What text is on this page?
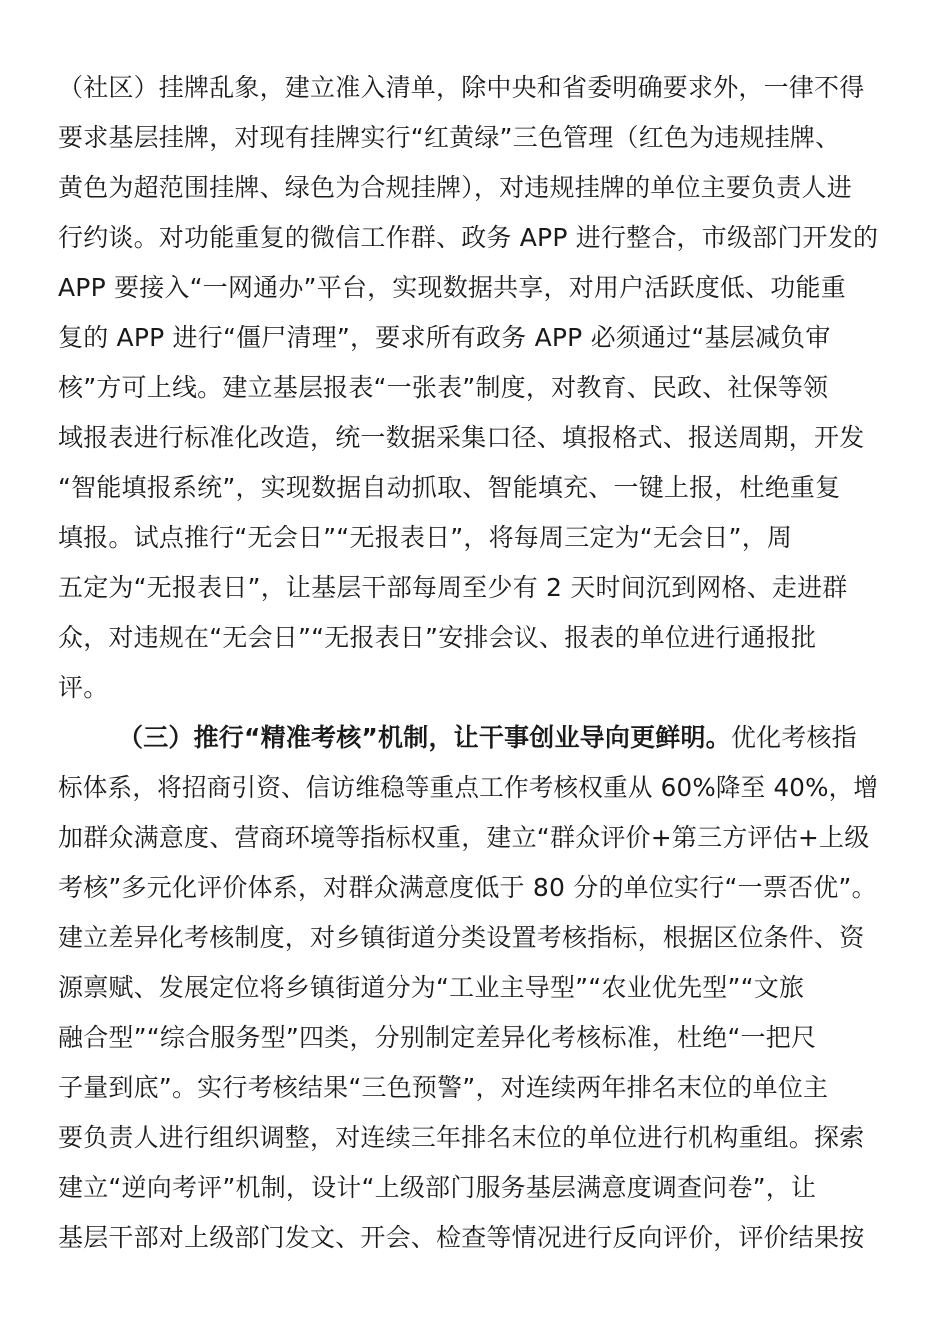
（社区）挂牌乱象，建立准入清单，除中央和省委明确要求外，一律不得
要求基层挂牌，对现有挂牌实行“红黄绿”三色管理（红色为违规挂牌、
黄色为超范围挂牌、绿色为合规挂牌），对违规挂牌的单位主要负责人进
行约谈。对功能重复的微信工作群、政务 APP 进行整合，市级部门开发的
APP 要接入“一网通办”平台，实现数据共享，对用户活跃度低、功能重
复的 APP 进行“僵尸清理”，要求所有政务 APP 必须通过“基层减负审
核”方可上线。建立基层报表“一张表”制度，对教育、民政、社保等领
域报表进行标准化改造，统一数据采集口径、填报格式、报送周期，开发
“智能填报系统”，实现数据自动抓取、智能填充、一键上报，杜绝重复
填报。试点推行“无会日”“无报表日”，将每周三定为“无会日”，周
五定为“无报表日”，让基层干部每周至少有 2 天时间沉到网格、走进群
众，对违规在“无会日”“无报表日”安排会议、报表的单位进行通报批
评。
（三）推行“精准考核”机制，让干事创业导向更鲜明。优化考核指
标体系，将招商引资、信访维稳等重点工作考核权重从 60%降至 40%，增
加群众满意度、营商环境等指标权重，建立“群众评价+第三方评估+上级
考核”多元化评价体系，对群众满意度低于 80 分的单位实行“一票否优”。
建立差异化考核制度，对乡镇街道分类设置考核指标，根据区位条件、资
源禀赋、发展定位将乡镇街道分为“工业主导型”“农业优先型”“文旅
融合型”“综合服务型”四类，分别制定差异化考核标准，杜绝“一把尺
子量到底”。实行考核结果“三色预警”，对连续两年排名末位的单位主
要负责人进行组织调整，对连续三年排名末位的单位进行机构重组。探索
建立“逆向考评”机制，设计“上级部门服务基层满意度调查问卷”，让
基层干部对上级部门发文、开会、检查等情况进行反向评价，评价结果按
